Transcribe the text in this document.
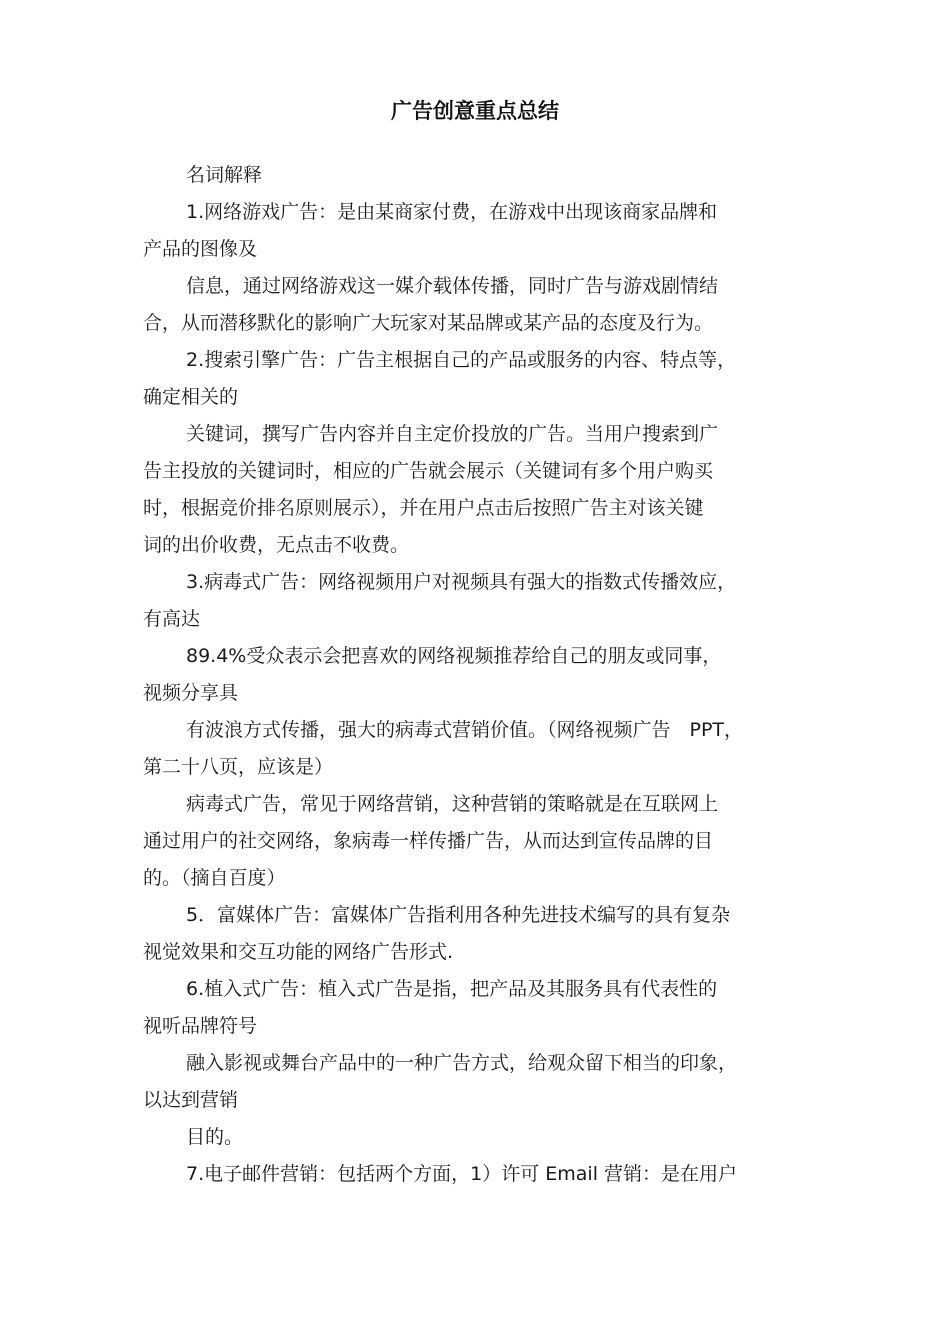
广告创意重点总结
名词解释
1.网络游戏广告：是由某商家付费，在游戏中出现该商家品牌和
产品的图像及
信息，通过网络游戏这一媒介载体传播，同时广告与游戏剧情结
合，从而潜移默化的影响广大玩家对某品牌或某产品的态度及行为。
2.搜索引擎广告：广告主根据自己的产品或服务的内容、特点等，
确定相关的
关键词，撰写广告内容并自主定价投放的广告。当用户搜索到广
告主投放的关键词时，相应的广告就会展示（关键词有多个用户购买
时，根据竞价排名原则展示），并在用户点击后按照广告主对该关键
词的出价收费，无点击不收费。
3.病毒式广告：网络视频用户对视频具有强大的指数式传播效应，
有高达
89.4%受众表示会把喜欢的网络视频推荐给自己的朋友或同事，
视频分享具
有波浪方式传播，强大的病毒式营销价值。（网络视频广告　PPT，
第二十八页，应该是）
病毒式广告，常见于网络营销，这种营销的策略就是在互联网上
通过用户的社交网络，象病毒一样传播广告，从而达到宣传品牌的目
的。（摘自百度）
5．富媒体广告：富媒体广告指利用各种先进技术编写的具有复杂
视觉效果和交互功能的网络广告形式.
6.植入式广告：植入式广告是指，把产品及其服务具有代表性的
视听品牌符号
融入影视或舞台产品中的一种广告方式，给观众留下相当的印象，
以达到营销
目的。
7.电子邮件营销：包括两个方面，1）许可 Email 营销：是在用户
